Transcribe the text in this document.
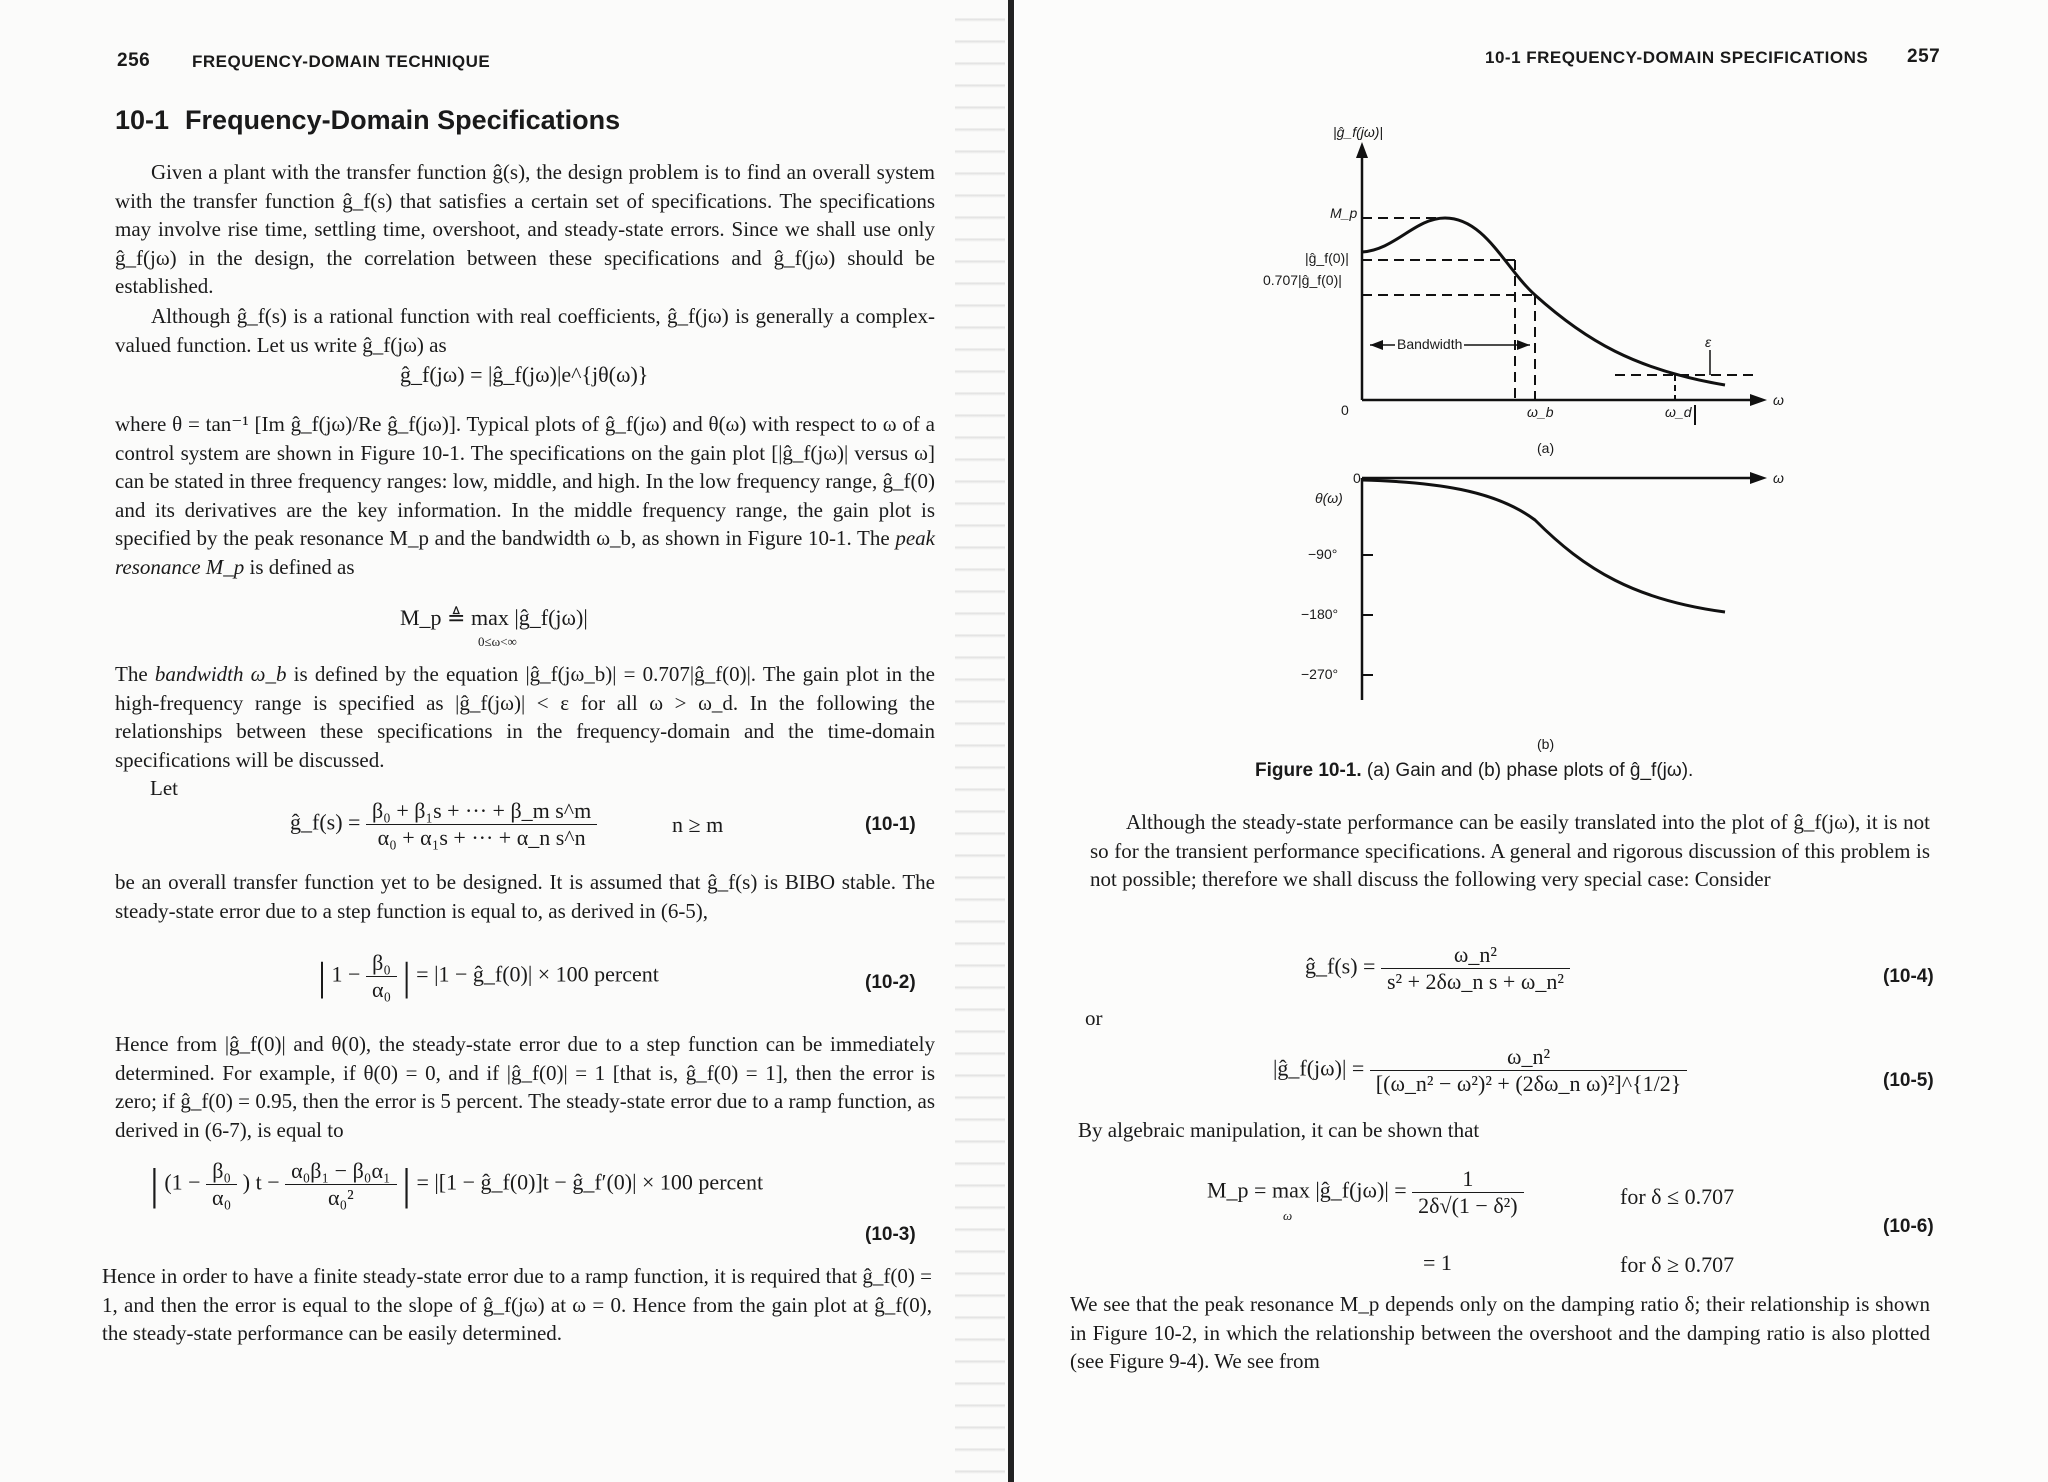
256 FREQUENCY-DOMAIN TECHNIQUE
10-1 Frequency-Domain Specifications
Given a plant with the transfer function ĝ(s), the design problem is to find an overall system with the transfer function ĝ_f(s) that satisfies a certain set of specifications. The specifications may involve rise time, settling time, overshoot, and steady-state errors. Since we shall use only ĝ_f(jω) in the design, the correlation between these specifications and ĝ_f(jω) should be established.
Although ĝ_f(s) is a rational function with real coefficients, ĝ_f(jω) is generally a complex-valued function. Let us write ĝ_f(jω) as
ĝ_f(jω) = |ĝ_f(jω)|e^{jθ(ω)}
where θ = tan⁻¹ [Im ĝ_f(jω)/Re ĝ_f(jω)]. Typical plots of ĝ_f(jω) and θ(ω) with respect to ω of a control system are shown in Figure 10-1. The specifications on the gain plot [|ĝ_f(jω)| versus ω] can be stated in three frequency ranges: low, middle, and high. In the low frequency range, ĝ_f(0) and its derivatives are the key information. In the middle frequency range, the gain plot is specified by the peak resonance M_p and the bandwidth ω_b, as shown in Figure 10-1. The peak resonance M_p is defined as
M_p ≜ max |ĝ_f(jω)|
0≤ω<∞
The bandwidth ω_b is defined by the equation |ĝ_f(jω_b)| = 0.707|ĝ_f(0)|. The gain plot in the high-frequency range is specified as |ĝ_f(jω)| < ε for all ω > ω_d. In the following the relationships between these specifications in the frequency-domain and the time-domain specifications will be discussed.
Let
ĝ_f(s) = $\frac{\text{β₀ + β₁s + ··· + β\_m s\textasciicircum{}m}}{\text{α₀ + α₁s + ··· + α\_n s\textasciicircum{}n}}$	n ≥ m	(10-1)
be an overall transfer function yet to be designed. It is assumed that ĝ_f(s) is BIBO stable. The steady-state error due to a step function is equal to, as derived in (6-5),
| $1 - \frac{\text{β₀}}{\text{α₀}}$ | = |1 − ĝ_f(0)| × 100 percent	(10-2)
Hence from |ĝ_f(0)| and θ(0), the steady-state error due to a step function can be immediately determined. For example, if θ(0) = 0, and if |ĝ_f(0)| = 1 [that is, ĝ_f(0) = 1], then the error is zero; if ĝ_f(0) = 0.95, then the error is 5 percent. The steady-state error due to a ramp function, as derived in (6-7), is equal to
| ($1 - \frac{\text{β₀}}{\text{α₀}}$ ) $t - \frac{\text{α₀β₁ − β₀α₁}}{\text{α₀²}}$ | = |[1 − ĝ_f(0)]t − ĝ_f′(0)| × 100 percent
(10-3)
Hence in order to have a finite steady-state error due to a ramp function, it is required that ĝ_f(0) = 1, and then the error is equal to the slope of ĝ_f(jω) at ω = 0. Hence from the gain plot at ĝ_f(0), the steady-state performance can be easily determined.
10-1 FREQUENCY-DOMAIN SPECIFICATIONS 257
|ĝ_f(jω)|
M_p
|ĝ_f(0)|
0.707|ĝ_f(0)|
Bandwidth
0	ω_b	ω_d
ε
ω
(a)
θ(ω)
0
−90°
−180°
−270°
ω
(b)
Figure 10-1. (a) Gain and (b) phase plots of ĝ_f(jω).
Although the steady-state performance can be easily translated into the plot of ĝ_f(jω), it is not so for the transient performance specifications. A general and rigorous discussion of this problem is not possible; therefore we shall discuss the following very special case: Consider
ĝ_f(s) = $\frac{\text{ω\_n²}}{\text{s² + 2δω\_n s + ω\_n²}}$	(10-4)
or
|ĝ_f(jω)| = $\frac{\text{ω\_n²}}{\text{[(ω\_n² − ω²)² + (2δω\_n ω)²]\textasciicircum{}\{1/2\}}}$	(10-5)
By algebraic manipulation, it can be shown that
M_p = max |ĝ_f(jω)| = $\frac{1}{\text{2δ√(1 − δ²)}}$
ω
for δ ≤ 0.707
(10-6)
= 1	for δ ≥ 0.707
We see that the peak resonance M_p depends only on the damping ratio δ; their relationship is shown in Figure 10-2, in which the relationship between the overshoot and the damping ratio is also plotted (see Figure 9-4). We see from
